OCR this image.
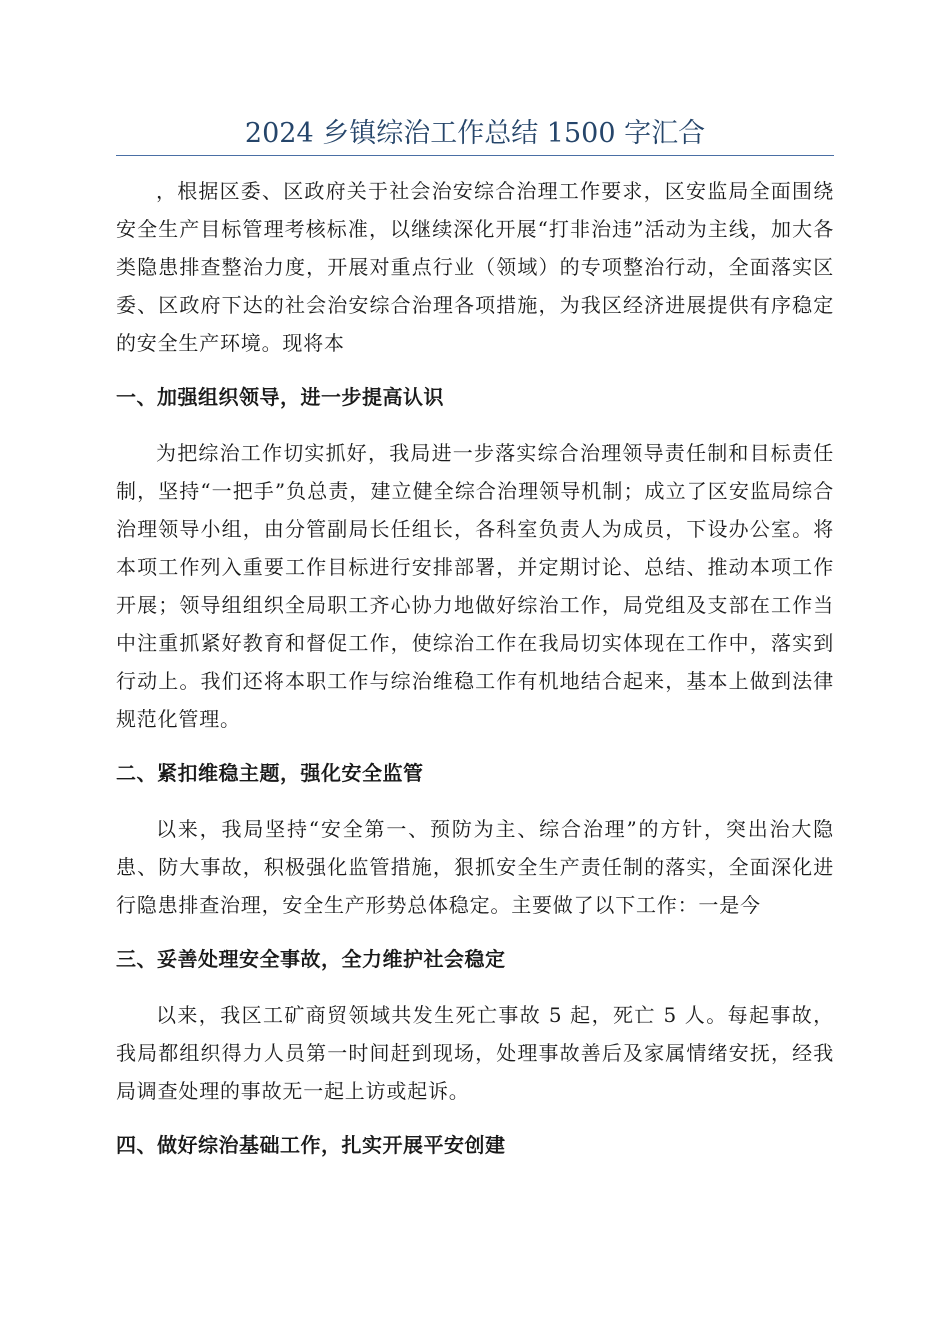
2024 乡镇综治工作总结 1500 字汇合

，根据区委、区政府关于社会治安综合治理工作要求，区安监局全面围绕安全生产目标管理考核标准，以继续深化开展“打非治违”活动为主线，加大各类隐患排查整治力度，开展对重点行业（领域）的专项整治行动，全面落实区委、区政府下达的社会治安综合治理各项措施，为我区经济进展提供有序稳定的安全生产环境。现将本

一、加强组织领导，进一步提高认识

为把综治工作切实抓好，我局进一步落实综合治理领导责任制和目标责任制，坚持“一把手”负总责，建立健全综合治理领导机制；成立了区安监局综合治理领导小组，由分管副局长任组长，各科室负责人为成员，下设办公室。将本项工作列入重要工作目标进行安排部署，并定期讨论、总结、推动本项工作开展；领导组组织全局职工齐心协力地做好综治工作，局党组及支部在工作当中注重抓紧好教育和督促工作，使综治工作在我局切实体现在工作中，落实到行动上。我们还将本职工作与综治维稳工作有机地结合起来，基本上做到法律规范化管理。

二、紧扣维稳主题，强化安全监管

以来，我局坚持“安全第一、预防为主、综合治理”的方针，突出治大隐患、防大事故，积极强化监管措施，狠抓安全生产责任制的落实，全面深化进行隐患排查治理，安全生产形势总体稳定。主要做了以下工作：一是今

三、妥善处理安全事故，全力维护社会稳定

以来，我区工矿商贸领域共发生死亡事故 5 起，死亡 5 人。每起事故，我局都组织得力人员第一时间赶到现场，处理事故善后及家属情绪安抚，经我局调查处理的事故无一起上访或起诉。

四、做好综治基础工作，扎实开展平安创建
